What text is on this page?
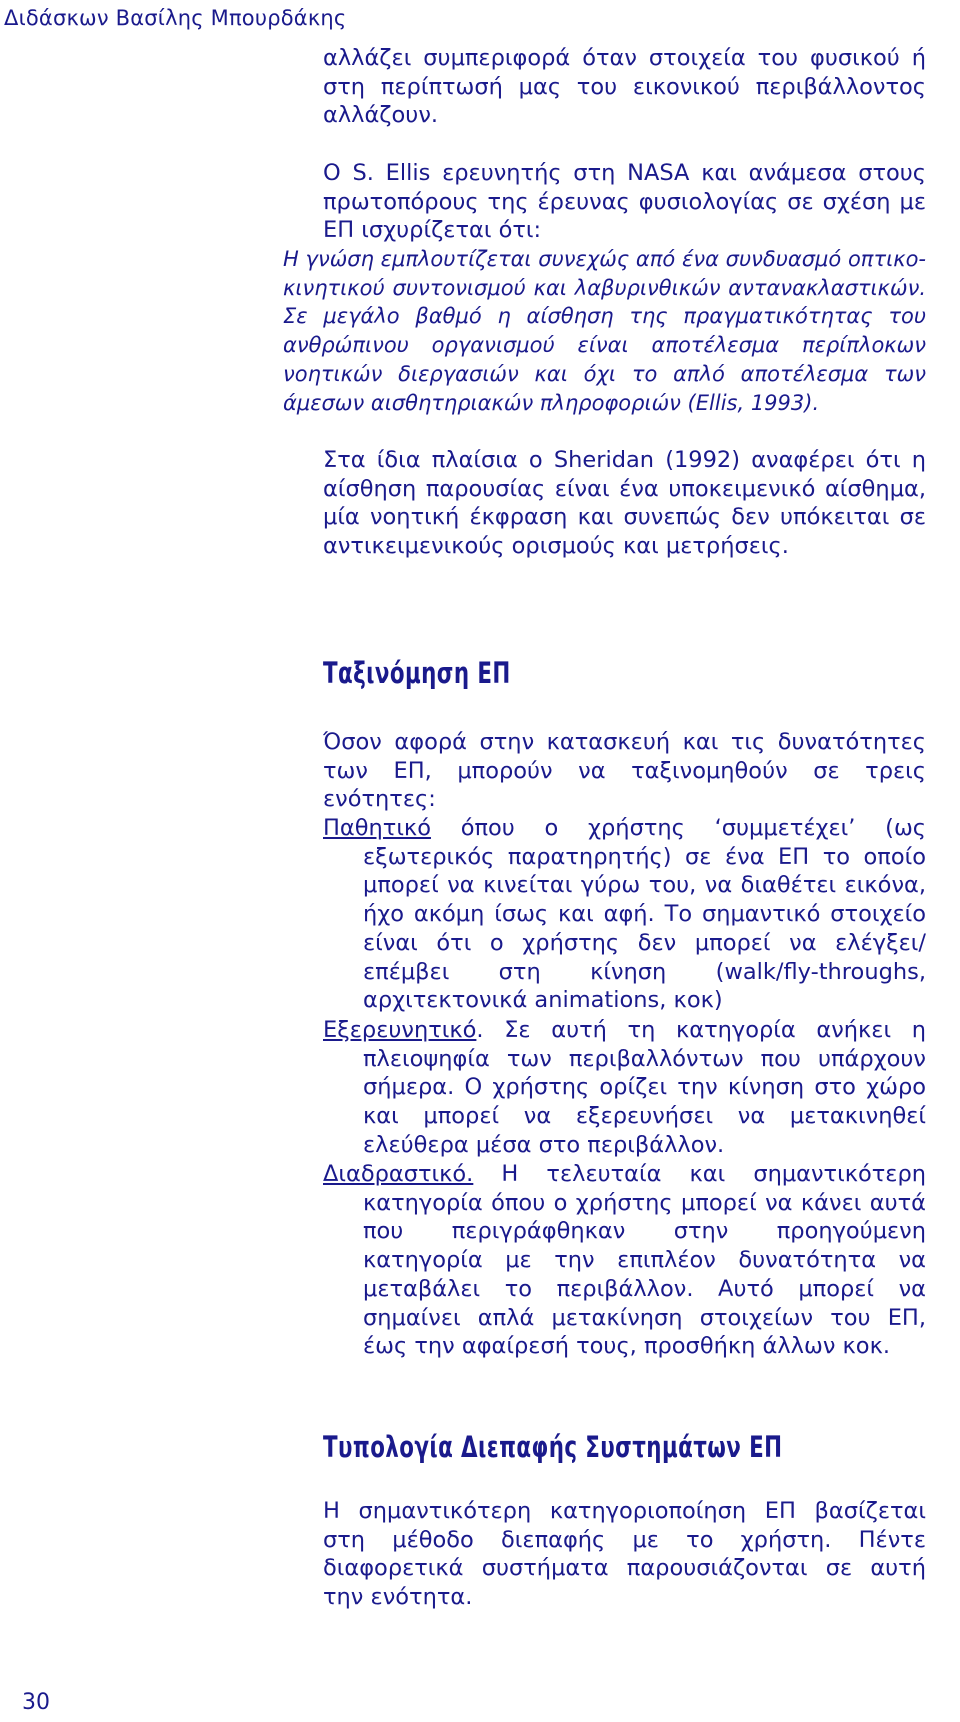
Διδάσκων Βασίλης Μπουρδάκης

αλλάζει συμπεριφορά όταν στοιχεία του φυσικού ή στη περίπτωσή μας του εικονικού περιβάλλοντος αλλάζουν.

O S. Ellis ερευνητής στη NASA και ανάμεσα στους πρωτοπόρους της έρευνας φυσιολογίας σε σχέση με ΕΠ ισχυρίζεται ότι:

Η γνώση εμπλουτίζεται συνεχώς από ένα συνδυασμό οπτικο-κινητικού συντονισμού και λαβυρινθικών αντανακλαστικών. Σε μεγάλο βαθμό η αίσθηση της πραγματικότητας του ανθρώπινου οργανισμού είναι αποτέλεσμα περίπλοκων νοητικών διεργασιών και όχι το απλό αποτέλεσμα των άμεσων αισθητηριακών πληροφοριών (Ellis, 1993).

Στα ίδια πλαίσια ο Sheridan (1992) αναφέρει ότι η αίσθηση παρουσίας είναι ένα υποκειμενικό αίσθημα, μία νοητική έκφραση και συνεπώς δεν υπόκειται σε αντικειμενικούς ορισμούς και μετρήσεις.

Ταξινόμηση ΕΠ

Όσον αφορά στην κατασκευή και τις δυνατότητες των ΕΠ, μπορούν να ταξινομηθούν σε τρεις ενότητες:

Παθητικό όπου ο χρήστης ‘συμμετέχει’ (ως εξωτερικός παρατηρητής) σε ένα ΕΠ το οποίο μπορεί να κινείται γύρω του, να διαθέτει εικόνα, ήχο ακόμη ίσως και αφή. Το σημαντικό στοιχείο είναι ότι ο χρήστης δεν μπορεί να ελέγξει/ επέμβει στη κίνηση (walk/fly-throughs, αρχιτεκτονικά animations, κοκ)
Εξερευνητικό. Σε αυτή τη κατηγορία ανήκει η πλειοψηφία των περιβαλλόντων που υπάρχουν σήμερα. Ο χρήστης ορίζει την κίνηση στο χώρο και μπορεί να εξερευνήσει να μετακινηθεί ελεύθερα μέσα στο περιβάλλον.
Διαδραστικό. Η τελευταία και σημαντικότερη κατηγορία όπου ο χρήστης μπορεί να κάνει αυτά που περιγράφθηκαν στην προηγούμενη κατηγορία με την επιπλέον δυνατότητα να μεταβάλει το περιβάλλον. Αυτό μπορεί να σημαίνει απλά μετακίνηση στοιχείων του ΕΠ, έως την αφαίρεσή τους, προσθήκη άλλων κοκ.
Τυπολογία Διεπαφής Συστημάτων ΕΠ

Η σημαντικότερη κατηγοριοποίηση ΕΠ βασίζεται στη μέθοδο διεπαφής με το χρήστη. Πέντε διαφορετικά συστήματα παρουσιάζονται σε αυτή την ενότητα.

30
